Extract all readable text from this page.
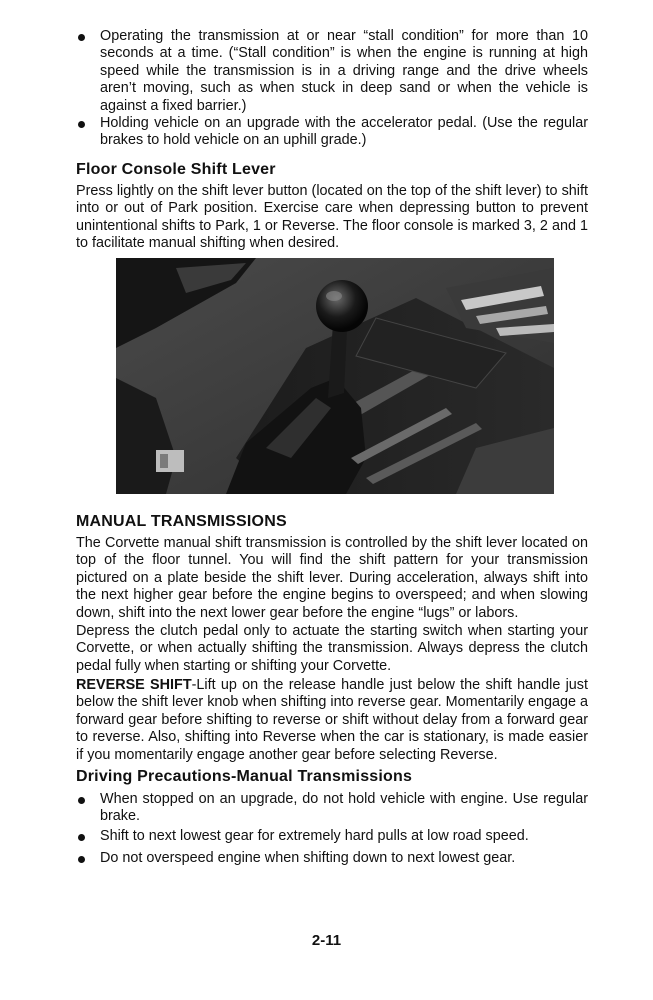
Operating the transmission at or near “stall condition” for more than 10 seconds at a time. (“Stall condition” is when the engine is running at high speed while the transmission is in a driving range and the drive wheels aren’t moving, such as when stuck in deep sand or when the vehicle is against a fixed barrier.)
Holding vehicle on an upgrade with the accelerator pedal. (Use the regular brakes to hold vehicle on an uphill grade.)
Floor Console Shift Lever
Press lightly on the shift lever button (located on the top of the shift lever) to shift into or out of Park position. Exercise care when depressing button to prevent unintentional shifts to Park, 1 or Reverse. The floor console is marked 3, 2 and 1 to facilitate manual shifting when desired.
MANUAL TRANSMISSIONS
The Corvette manual shift transmission is controlled by the shift lever located on top of the floor tunnel. You will find the shift pattern for your transmission pictured on a plate beside the shift lever. During acceleration, always shift into the next higher gear before the engine begins to overspeed; and when slowing down, shift into the next lower gear before the engine “lugs” or labors.
Depress the clutch pedal only to actuate the starting switch when starting your Corvette, or when actually shifting the transmission. Always depress the clutch pedal fully when starting or shifting your Corvette.
REVERSE SHIFT-Lift up on the release handle just below the shift handle just below the shift lever knob when shifting into reverse gear. Momentarily engage a forward gear before shifting to reverse or shift without delay from a forward gear to reverse. Also, shifting into Reverse when the car is stationary, is made easier if you momentarily engage another gear before selecting Reverse.
Driving Precautions-Manual Transmissions
When stopped on an upgrade, do not hold vehicle with engine. Use regular brake.
Shift to next lowest gear for extremely hard pulls at low road speed.
Do not overspeed engine when shifting down to next lowest gear.
2-11
